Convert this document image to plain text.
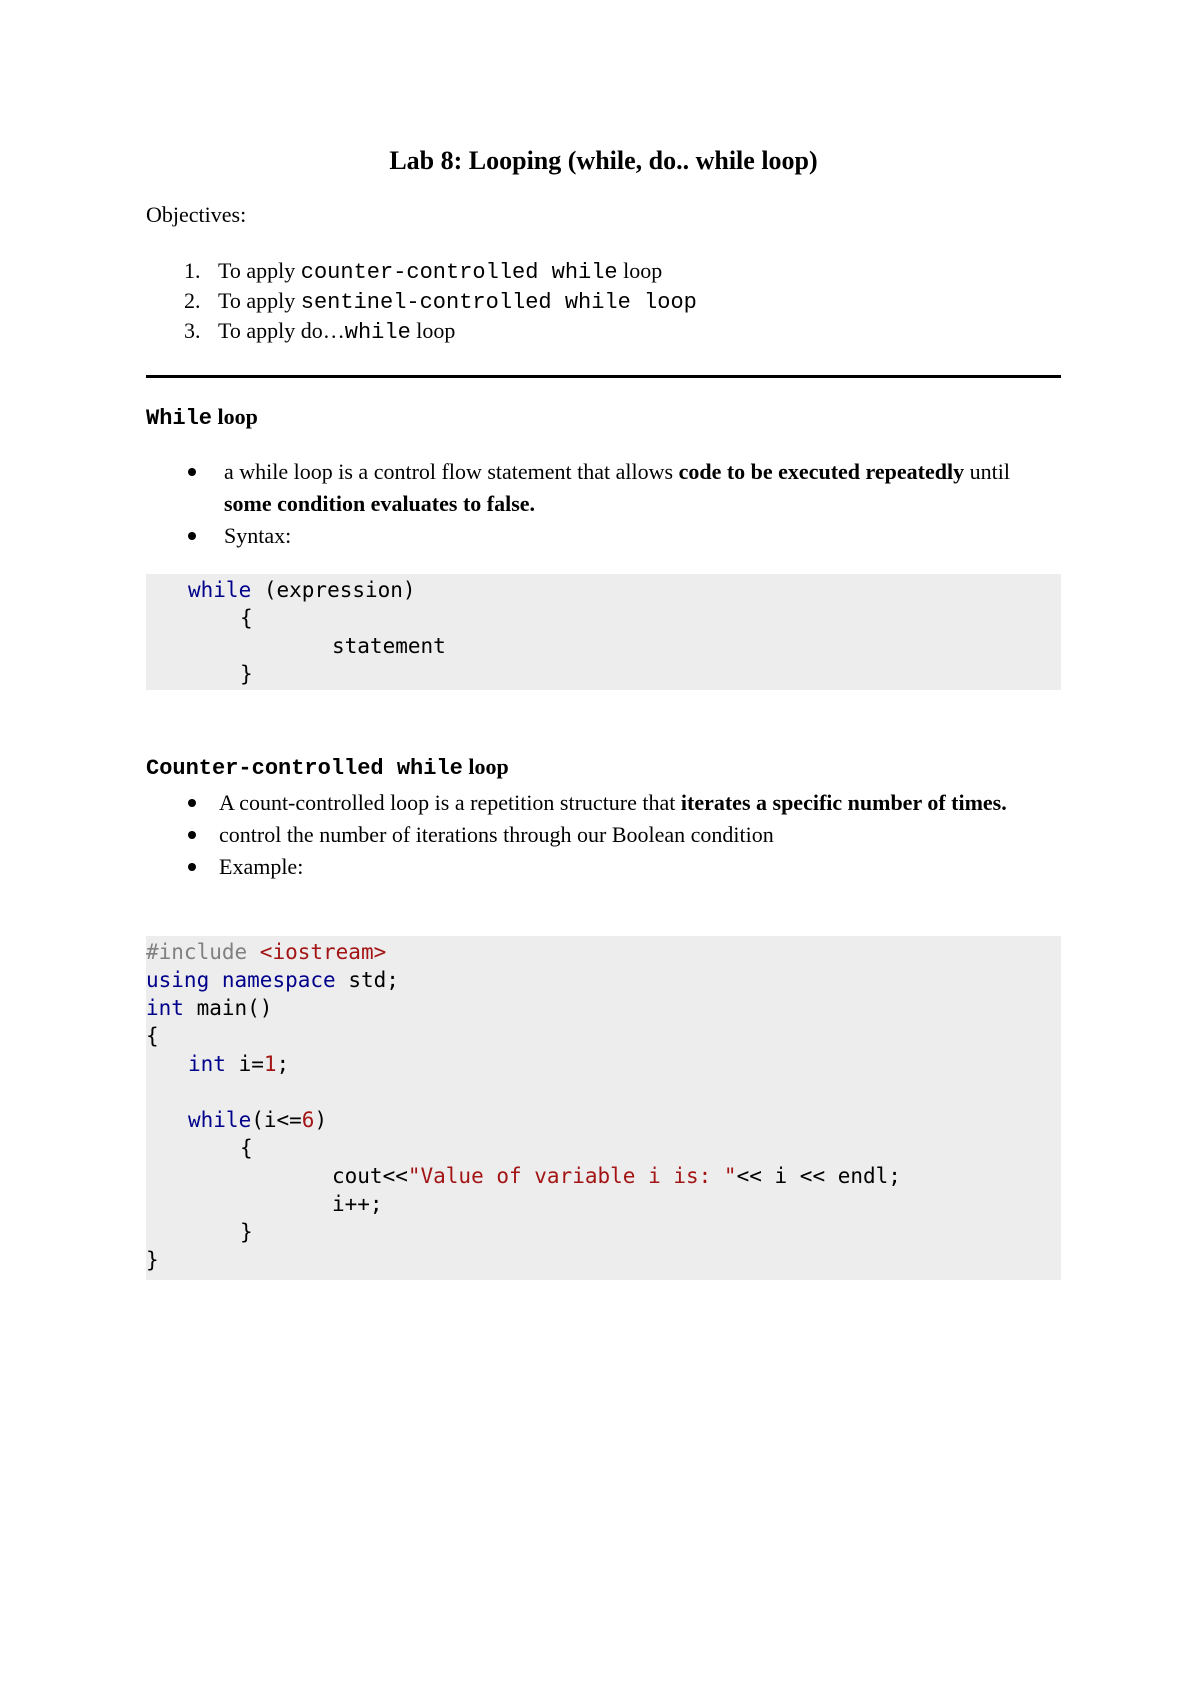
Lab 8: Looping (while, do.. while loop)
Objectives:
1. To apply counter-controlled while loop
2. To apply sentinel-controlled while loop
3. To apply do…while loop
While loop
a while loop is a control flow statement that allows code to be executed repeatedly until some condition evaluates to false.
Syntax:
while (expression)
{
statement
}
Counter-controlled while loop
A count-controlled loop is a repetition structure that iterates a specific number of times.
control the number of iterations through our Boolean condition
Example:
#include <iostream>
using namespace std;
int main()
{
int i=1;
while(i<=6)
{
cout<<"Value of variable i is: "<< i << endl;
i++;
}
}
